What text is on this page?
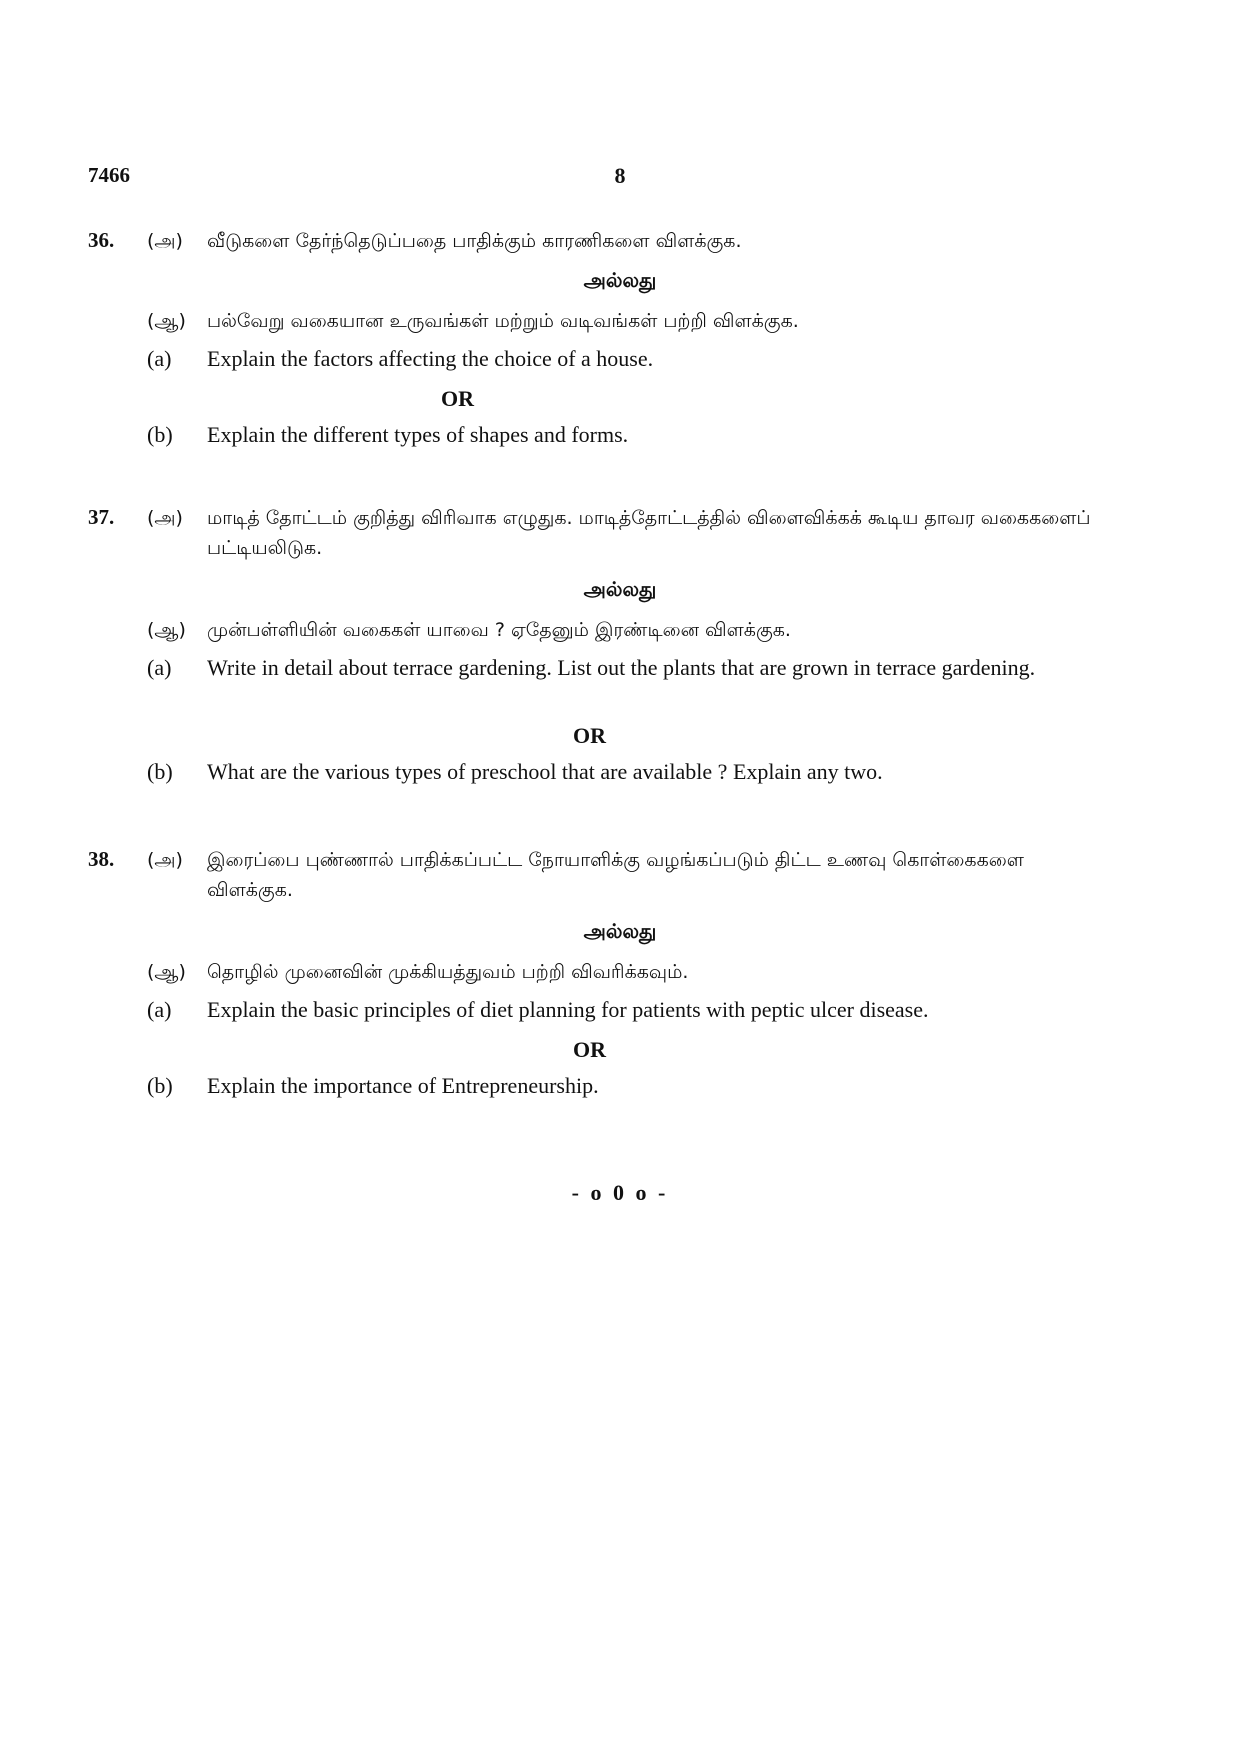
7466	8
36. (அ) வீடுகளை தேர்ந்தெடுப்பதை பாதிக்கும் காரணிகளை விளக்குக.
அல்லது
(ஆ) பல்வேறு வகையான உருவங்கள் மற்றும் வடிவங்கள் பற்றி விளக்குக.
(a) Explain the factors affecting the choice of a house.
OR
(b) Explain the different types of shapes and forms.
37. (அ) மாடித் தோட்டம் குறித்து விரிவாக எழுதுக. மாடித்தோட்டத்தில் விளைவிக்கக் கூடிய தாவர வகைகளைப் பட்டியலிடுக.
அல்லது
(ஆ) முன்பள்ளியின் வகைகள் யாவை ? ஏதேனும் இரண்டினை விளக்குக.
(a) Write in detail about terrace gardening. List out the plants that are grown in terrace gardening.
OR
(b) What are the various types of preschool that are available ? Explain any two.
38. (அ) இரைப்பை புண்ணால் பாதிக்கப்பட்ட நோயாளிக்கு வழங்கப்படும் திட்ட உணவு கொள்கைகளை விளக்குக.
அல்லது
(ஆ) தொழில் முனைவின் முக்கியத்துவம் பற்றி விவரிக்கவும்.
(a) Explain the basic principles of diet planning for patients with peptic ulcer disease.
OR
(b) Explain the importance of Entrepreneurship.
- o 0 o -
